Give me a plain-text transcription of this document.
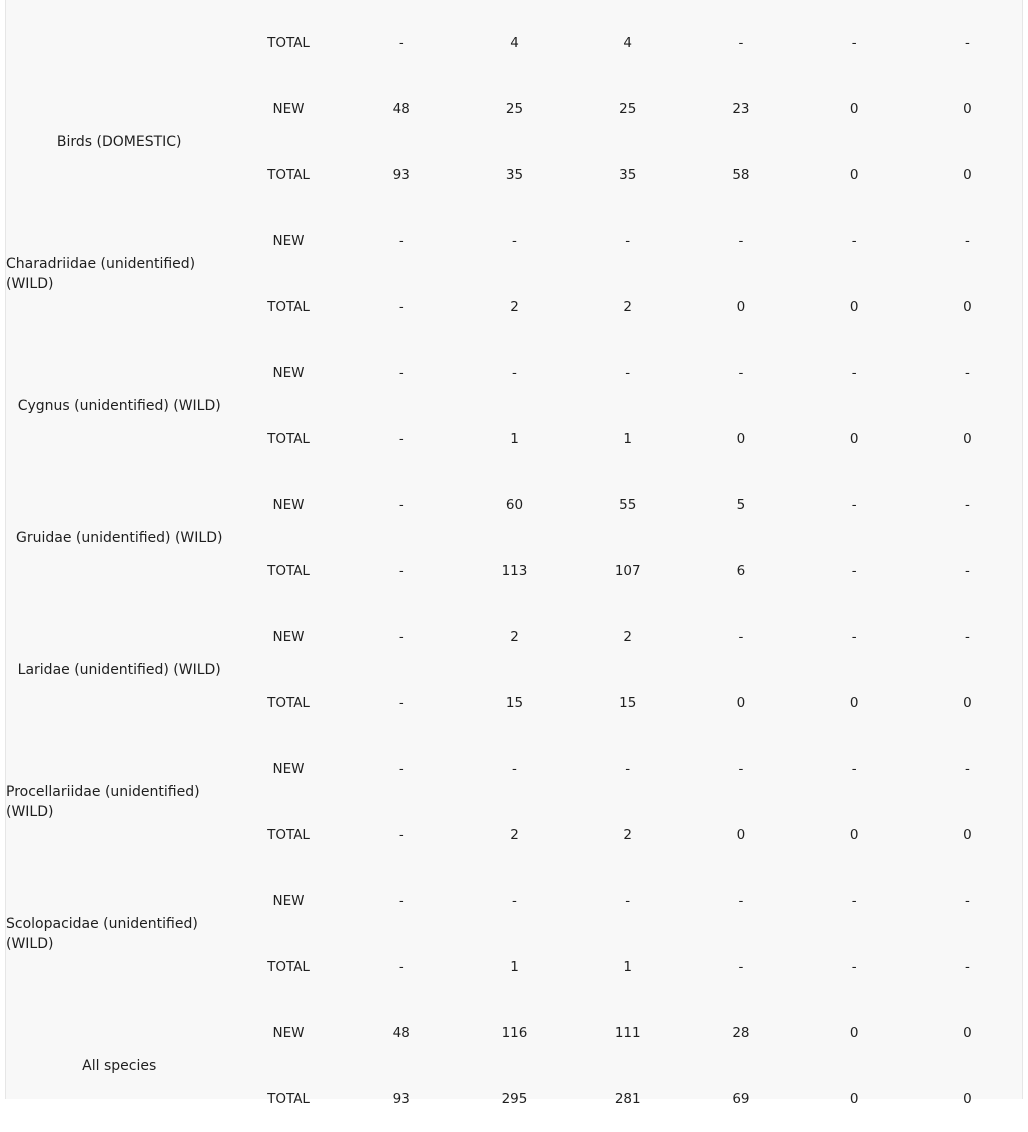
	TOTAL	-	4	4	-	-	-
Birds (DOMESTIC)	NEW	48	25	25	23	0	0
	TOTAL	93	35	35	58	0	0
Charadriidae (unidentified) (WILD)	NEW	-	-	-	-	-	-
	TOTAL	-	2	2	0	0	0
Cygnus (unidentified) (WILD)	NEW	-	-	-	-	-	-
	TOTAL	-	1	1	0	0	0
Gruidae (unidentified) (WILD)	NEW	-	60	55	5	-	-
	TOTAL	-	113	107	6	-	-
Laridae (unidentified) (WILD)	NEW	-	2	2	-	-	-
	TOTAL	-	15	15	0	0	0
Procellariidae (unidentified) (WILD)	NEW	-	-	-	-	-	-
	TOTAL	-	2	2	0	0	0
Scolopacidae (unidentified) (WILD)	NEW	-	-	-	-	-	-
	TOTAL	-	1	1	-	-	-
All species	NEW	48	116	111	28	0	0
	TOTAL	93	295	281	69	0	0
